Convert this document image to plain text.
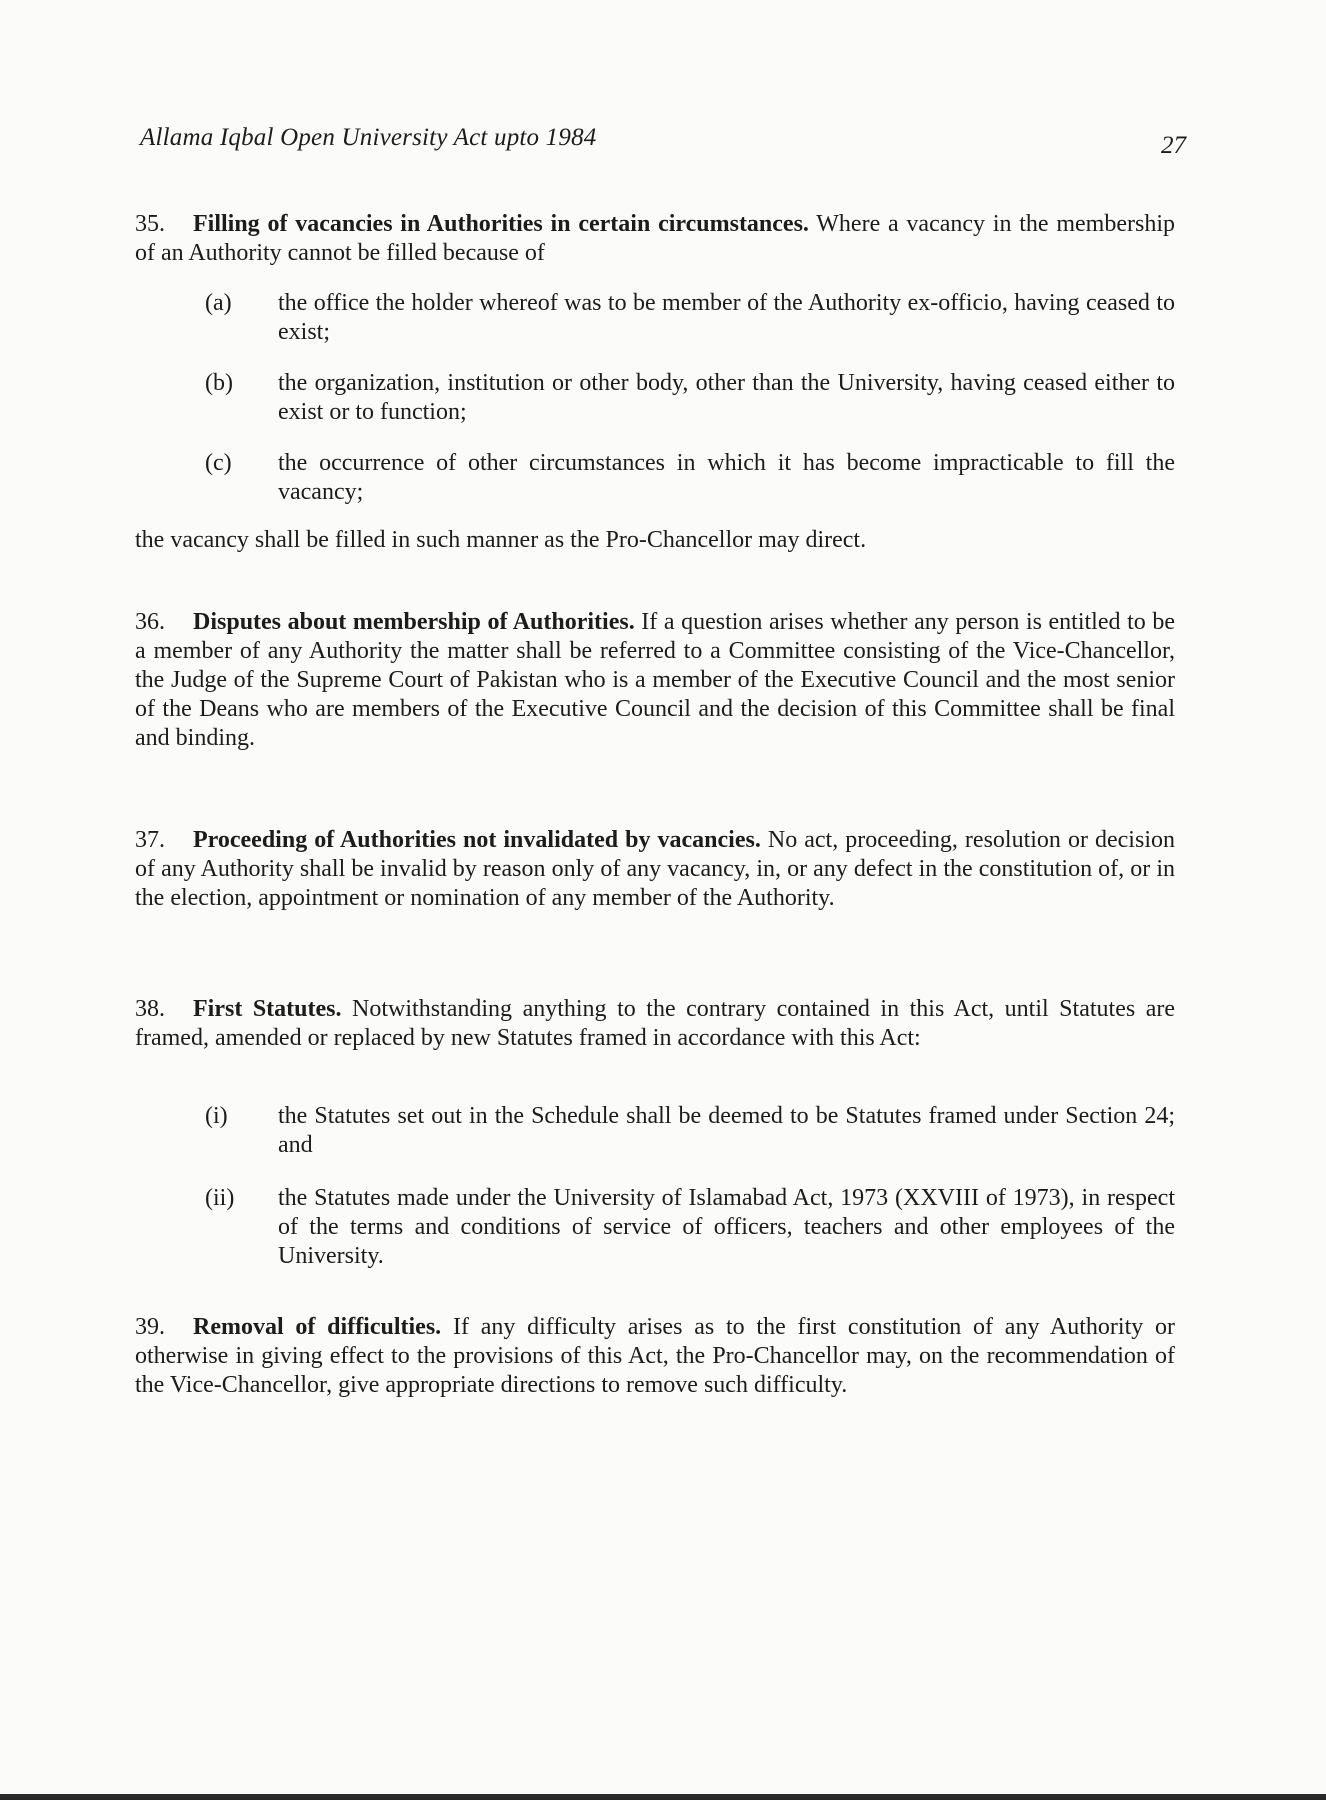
Allama Iqbal Open University Act upto 1984	27
35. Filling of vacancies in Authorities in certain circumstances. Where a vacancy in the membership of an Authority cannot be filled because of
(a)	the office the holder whereof was to be member of the Authority ex-officio, having ceased to exist;
(b)	the organization, institution or other body, other than the University, having ceased either to exist or to function;
(c)	the occurrence of other circumstances in which it has become impracticable to fill the vacancy;
the vacancy shall be filled in such manner as the Pro-Chancellor may direct.
36. Disputes about membership of Authorities. If a question arises whether any person is entitled to be a member of any Authority the matter shall be referred to a Committee consisting of the Vice-Chancellor, the Judge of the Supreme Court of Pakistan who is a member of the Executive Council and the most senior of the Deans who are members of the Executive Council and the decision of this Committee shall be final and binding.
37. Proceeding of Authorities not invalidated by vacancies. No act, proceeding, resolution or decision of any Authority shall be invalid by reason only of any vacancy, in, or any defect in the constitution of, or in the election, appointment or nomination of any member of the Authority.
38. First Statutes. Notwithstanding anything to the contrary contained in this Act, until Statutes are framed, amended or replaced by new Statutes framed in accordance with this Act:
(i)	the Statutes set out in the Schedule shall be deemed to be Statutes framed under Section 24; and
(ii)	the Statutes made under the University of Islamabad Act, 1973 (XXVIII of 1973), in respect of the terms and conditions of service of officers, teachers and other employees of the University.
39. Removal of difficulties. If any difficulty arises as to the first constitution of any Authority or otherwise in giving effect to the provisions of this Act, the Pro-Chancellor may, on the recommendation of the Vice-Chancellor, give appropriate directions to remove such difficulty.
